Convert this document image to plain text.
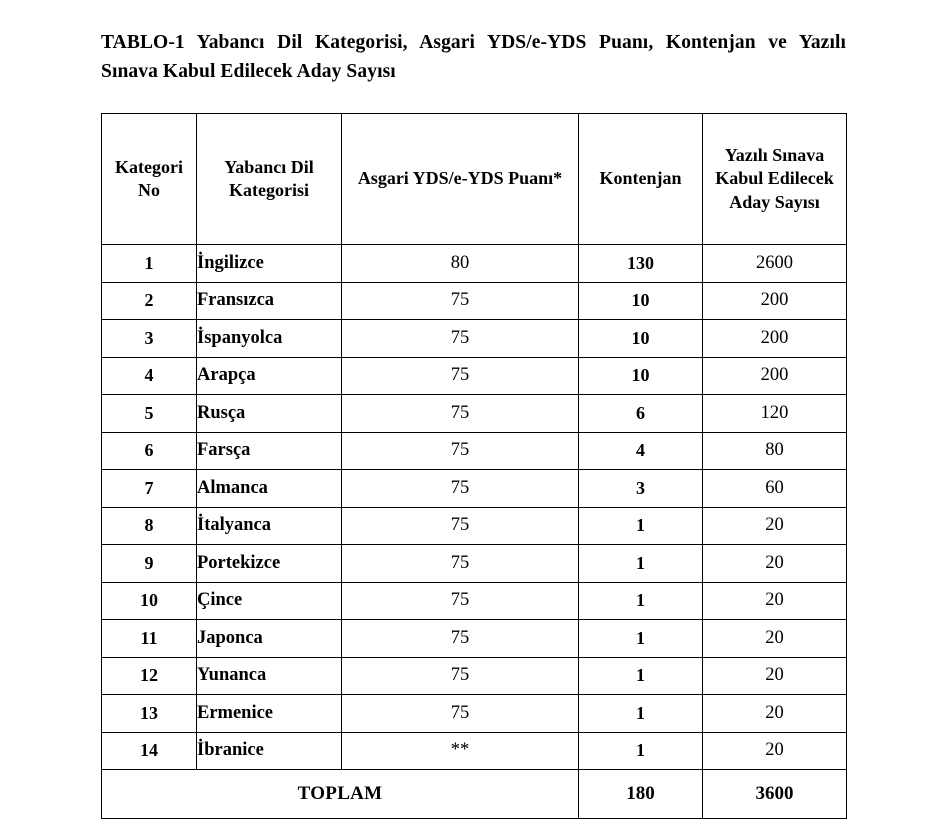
TABLO-1 Yabancı Dil Kategorisi, Asgari YDS/e-YDS Puanı, Kontenjan ve Yazılı
Sınava Kabul Edilecek Aday Sayısı
Kategori No	Yabancı Dil Kategorisi	Asgari YDS/e-YDS Puanı*	Kontenjan	Yazılı Sınava Kabul Edilecek Aday Sayısı
1	İngilizce	80	130	2600
2	Fransızca	75	10	200
3	İspanyolca	75	10	200
4	Arapça	75	10	200
5	Rusça	75	6	120
6	Farsça	75	4	80
7	Almanca	75	3	60
8	İtalyanca	75	1	20
9	Portekizce	75	1	20
10	Çince	75	1	20
11	Japonca	75	1	20
12	Yunanca	75	1	20
13	Ermenice	75	1	20
14	İbranice	**	1	20
TOPLAM			180	3600
